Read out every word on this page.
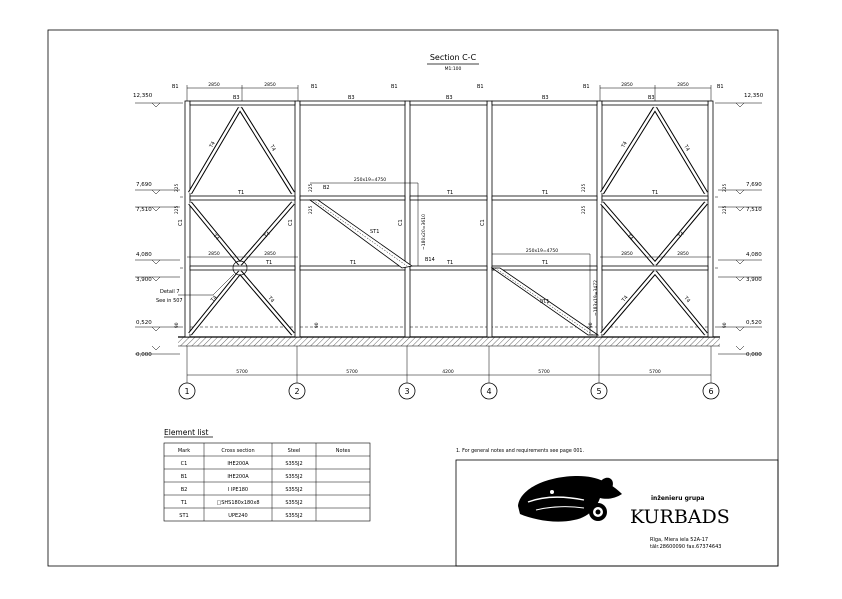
Section C-C
M1:100
Detail 7
See in 507
2850	2850	2850	2850
2850	2850	2850	2850
250x19=4750
~180x20=3610
250x19=4750
~183x19=3472
12,350
7,690
7,510
4,080
3,900
0,520
0,000
12,350
7,690
7,510
4,080
3,900
0,520
0,000
B1	B1	B1	B1	B1	B1
B3	B3	B3	B3	B3
T1
B2
T1	T1	T1
T1	T1	B14 T1	T1
ST1
ST1
C1	C1	C1	C1
T4	T4
T4	T4
T4	T4
T4	T4
T4	T4
T4	T4
225
225
225
225
225
225
225
225
90	90	90	90
5700	5700	4200	5700	5700
1	2	3	4	5	6
Element list
Mark	Cross section	Steel	Notes
C1	IHE200A	S355J2
B1	IHE200A	S355J2
B2	I IPE180	S355J2
T1	□SHS180x180x8	S355J2
ST1	UPE240	S355J2
1. For general notes and requirements see page 001.
inženieru grupa
KURBADS
Rīga, Miera iela 52A-17
tālr.28600090 fax.67374643
